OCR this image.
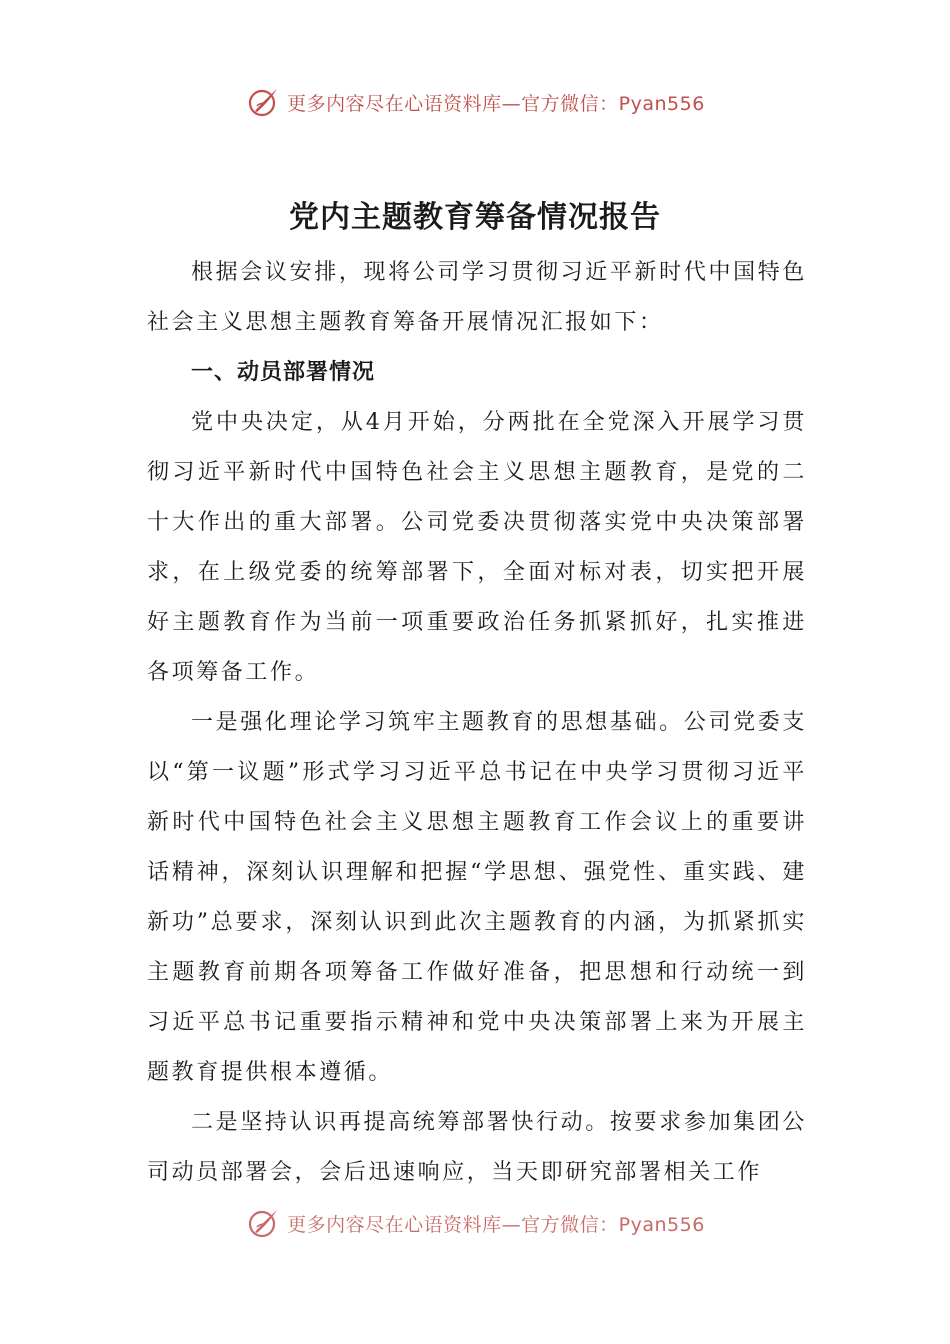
更多内容尽在心语资料库—官方微信：Pyan556
党内主题教育筹备情况报告

根据会议安排，现将公司学习贯彻习近平新时代中国特色社会主义思想主题教育筹备开展情况汇报如下：

一、动员部署情况

党中央决定，从4月开始，分两批在全党深入开展学习贯彻习近平新时代中国特色社会主义思想主题教育，是党的二十大作出的重大部署。公司党委决贯彻落实党中央决策部署求，在上级党委的统筹部署下，全面对标对表，切实把开展好主题教育作为当前一项重要政治任务抓紧抓好，扎实推进各项筹备工作。

一是强化理论学习筑牢主题教育的思想基础。公司党委支以“第一议题”形式学习习近平总书记在中央学习贯彻习近平新时代中国特色社会主义思想主题教育工作会议上的重要讲话精神，深刻认识理解和把握“学思想、强党性、重实践、建新功”总要求，深刻认识到此次主题教育的内涵，为抓紧抓实主题教育前期各项筹备工作做好准备，把思想和行动统一到习近平总书记重要指示精神和党中央决策部署上来为开展主题教育提供根本遵循。

二是坚持认识再提高统筹部署快行动。按要求参加集团公司动员部署会，会后迅速响应，当天即研究部署相关工作

更多内容尽在心语资料库—官方微信：Pyan556
